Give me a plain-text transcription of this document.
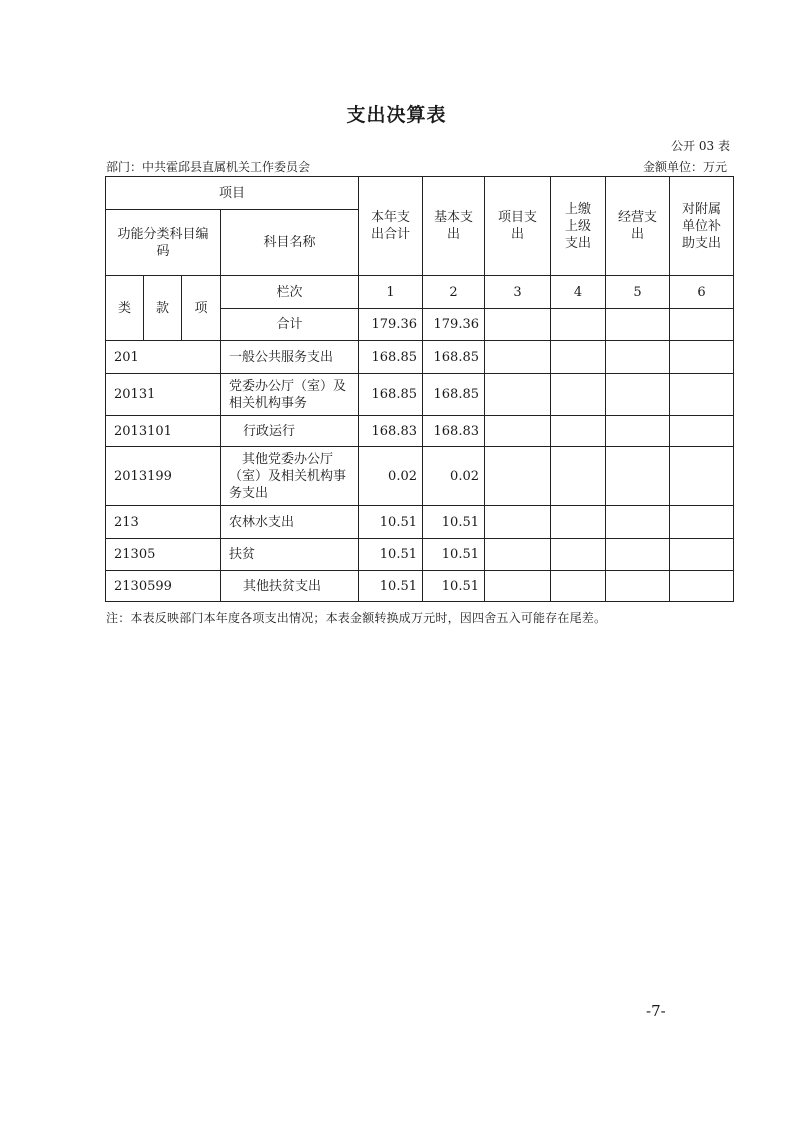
支出决算表
公开 03 表
部门：中共霍邱县直属机关工作委员会	金额单位：万元
项目				本年支出合计	基本支出	项目支出	上缴上级支出	经营支出	对附属单位补助支出

功能分类科目编码			科目名称						
类	款	项	栏次	1	2	3	4	5	6
			合计	179.36	179.36				
201			一般公共服务支出	168.85	168.85				
20131			党委办公厅（室）及相关机构事务	168.85	168.85				
2013101			行政运行	168.83	168.83				
2013199			其他党委办公厅（室）及相关机构事务支出	0.02	0.02				
213			农林水支出	10.51	10.51				
21305			扶贫	10.51	10.51				
2130599			其他扶贫支出	10.51	10.51				
注：本表反映部门本年度各项支出情况；本表金额转换成万元时，因四舍五入可能存在尾差。
-7-
